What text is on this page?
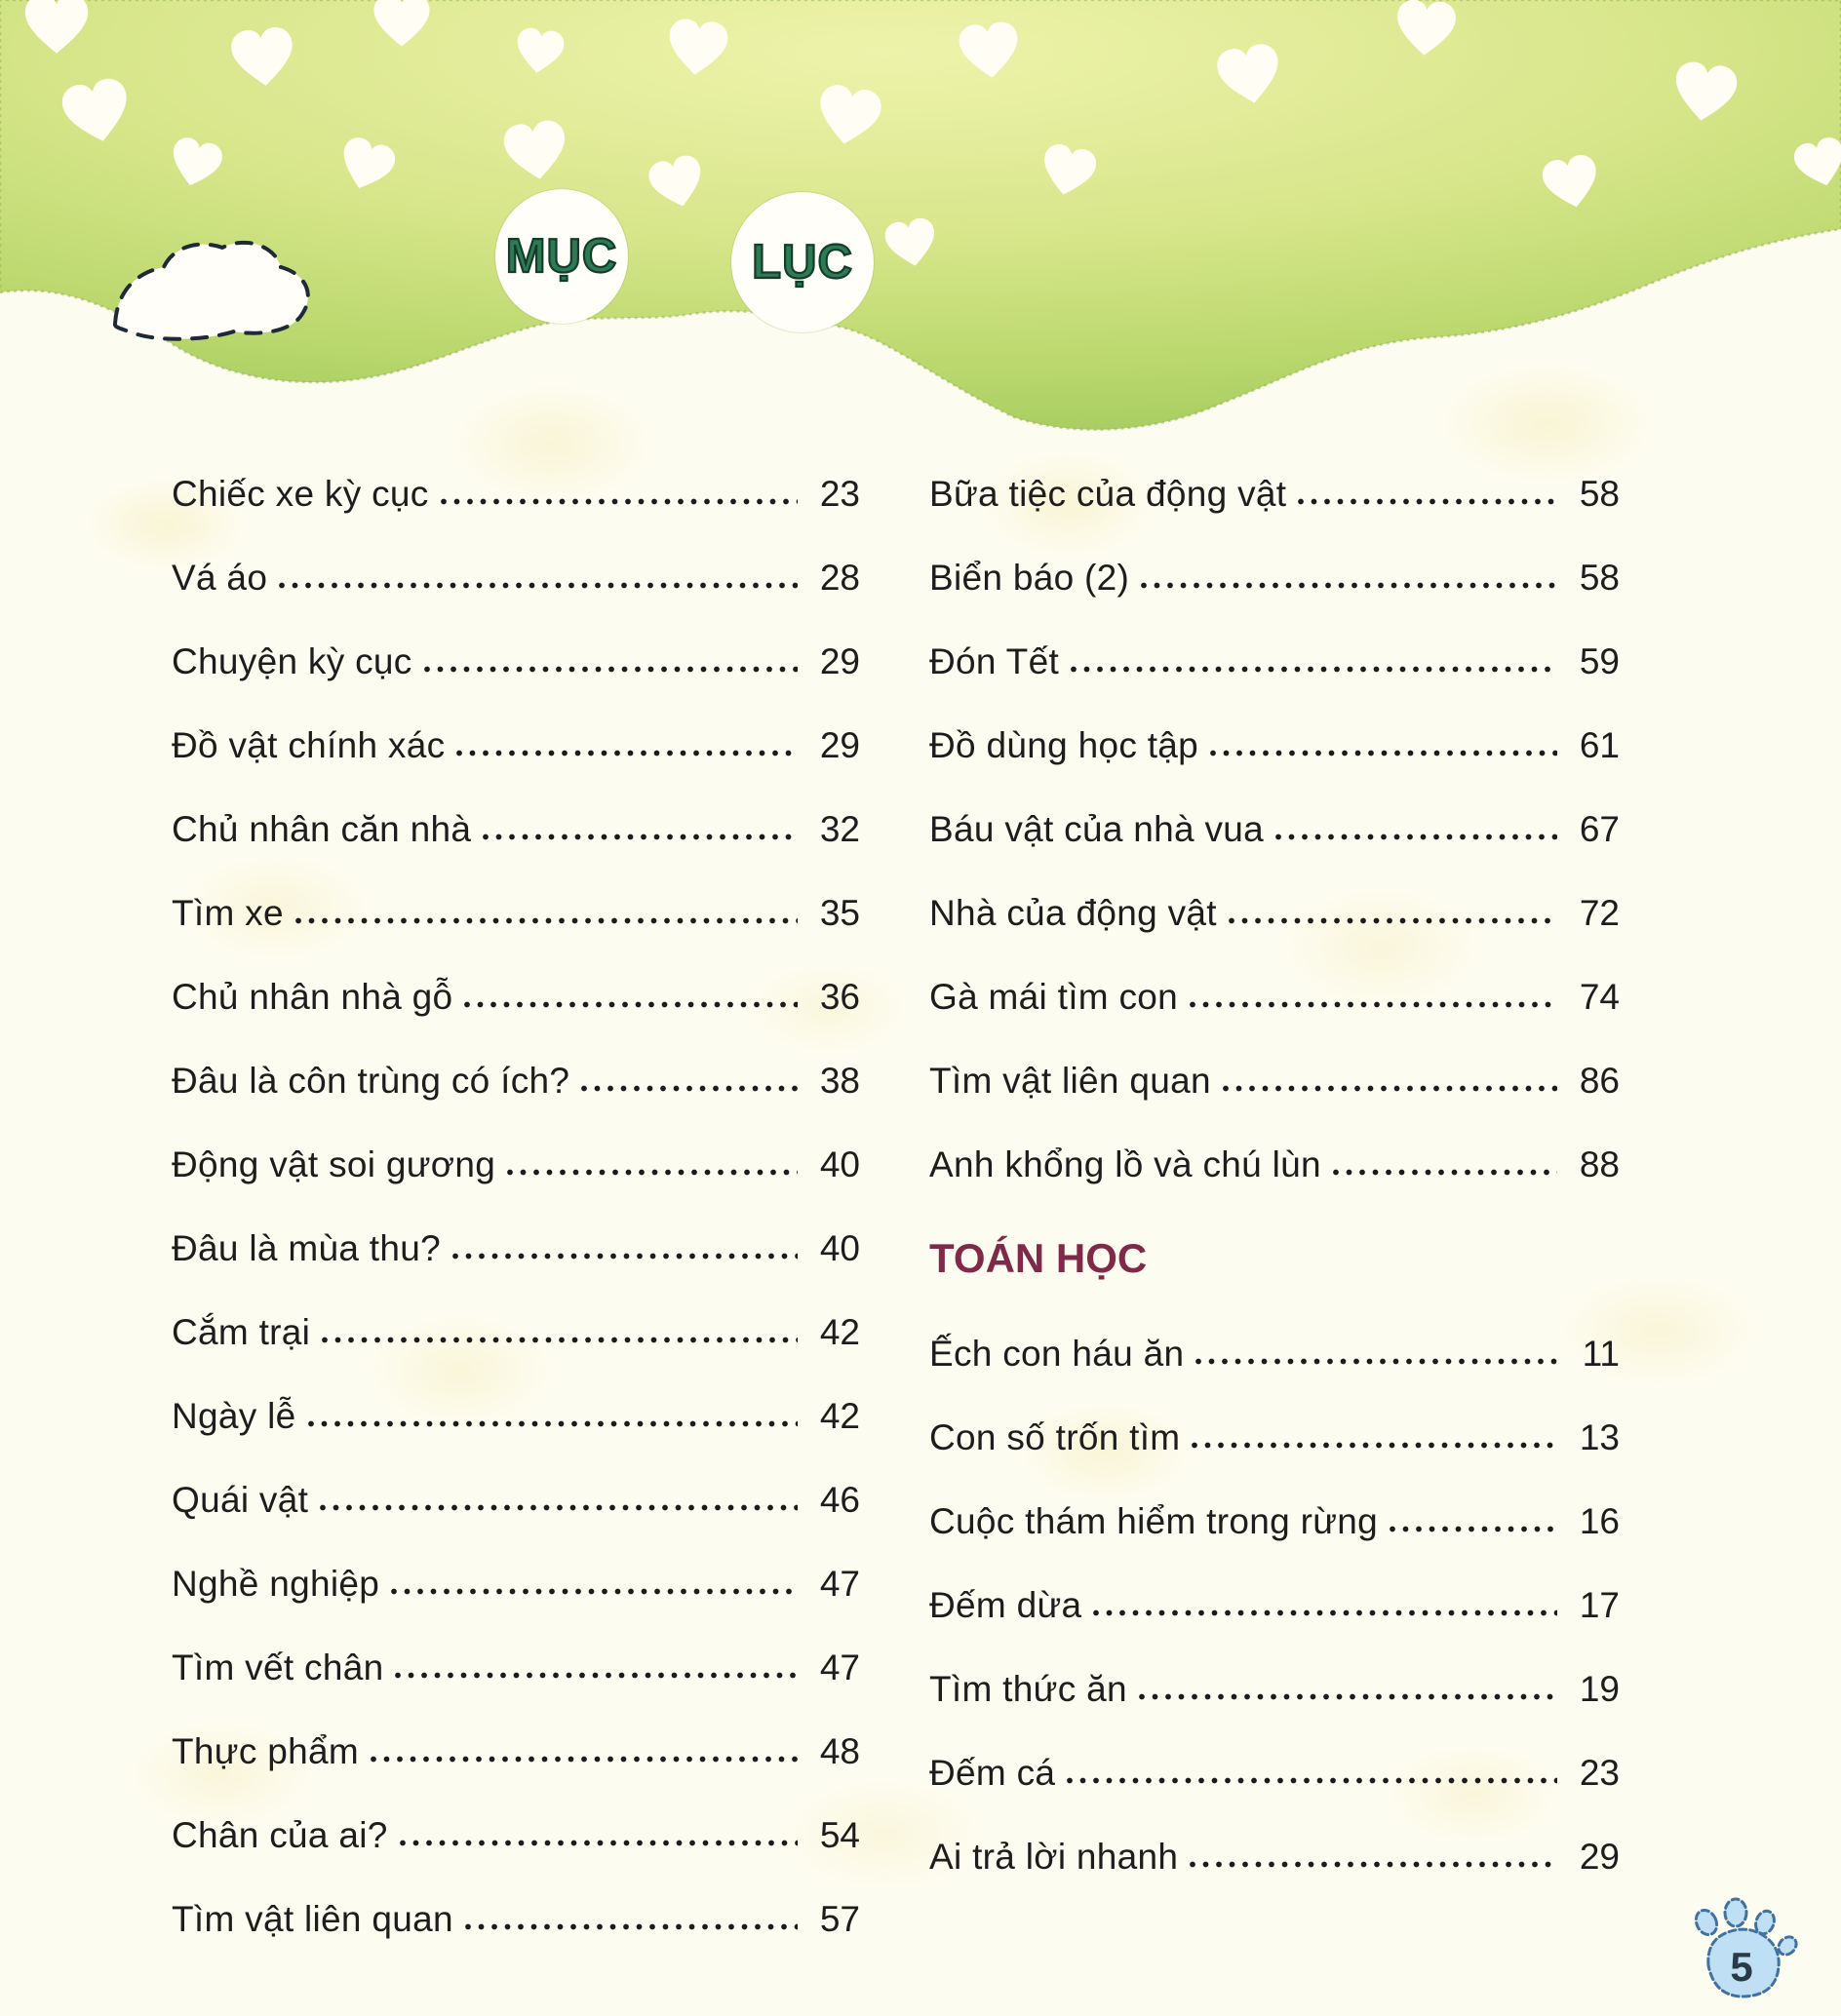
MỤC	LỤC
Chiếc xe kỳ cục	23
Vá áo	28
Chuyện kỳ cục	29
Đồ vật chính xác	29
Chủ nhân căn nhà	32
Tìm xe	35
Chủ nhân nhà gỗ	36
Đâu là côn trùng có ích?	38
Động vật soi gương	40
Đâu là mùa thu?	40
Cắm trại	42
Ngày lễ	42
Quái vật	46
Nghề nghiệp	47
Tìm vết chân	47
Thực phẩm	48
Chân của ai?	54
Tìm vật liên quan	57
Bữa tiệc của động vật	58
Biển báo (2)	58
Đón Tết	59
Đồ dùng học tập	61
Báu vật của nhà vua	67
Nhà của động vật	72
Gà mái tìm con	74
Tìm vật liên quan	86
Anh khổng lồ và chú lùn	88
TOÁN HỌC
Ếch con háu ăn	11
Con số trốn tìm	13
Cuộc thám hiểm trong rừng	16
Đếm dừa	17
Tìm thức ăn	19
Đếm cá	23
Ai trả lời nhanh	29
5
